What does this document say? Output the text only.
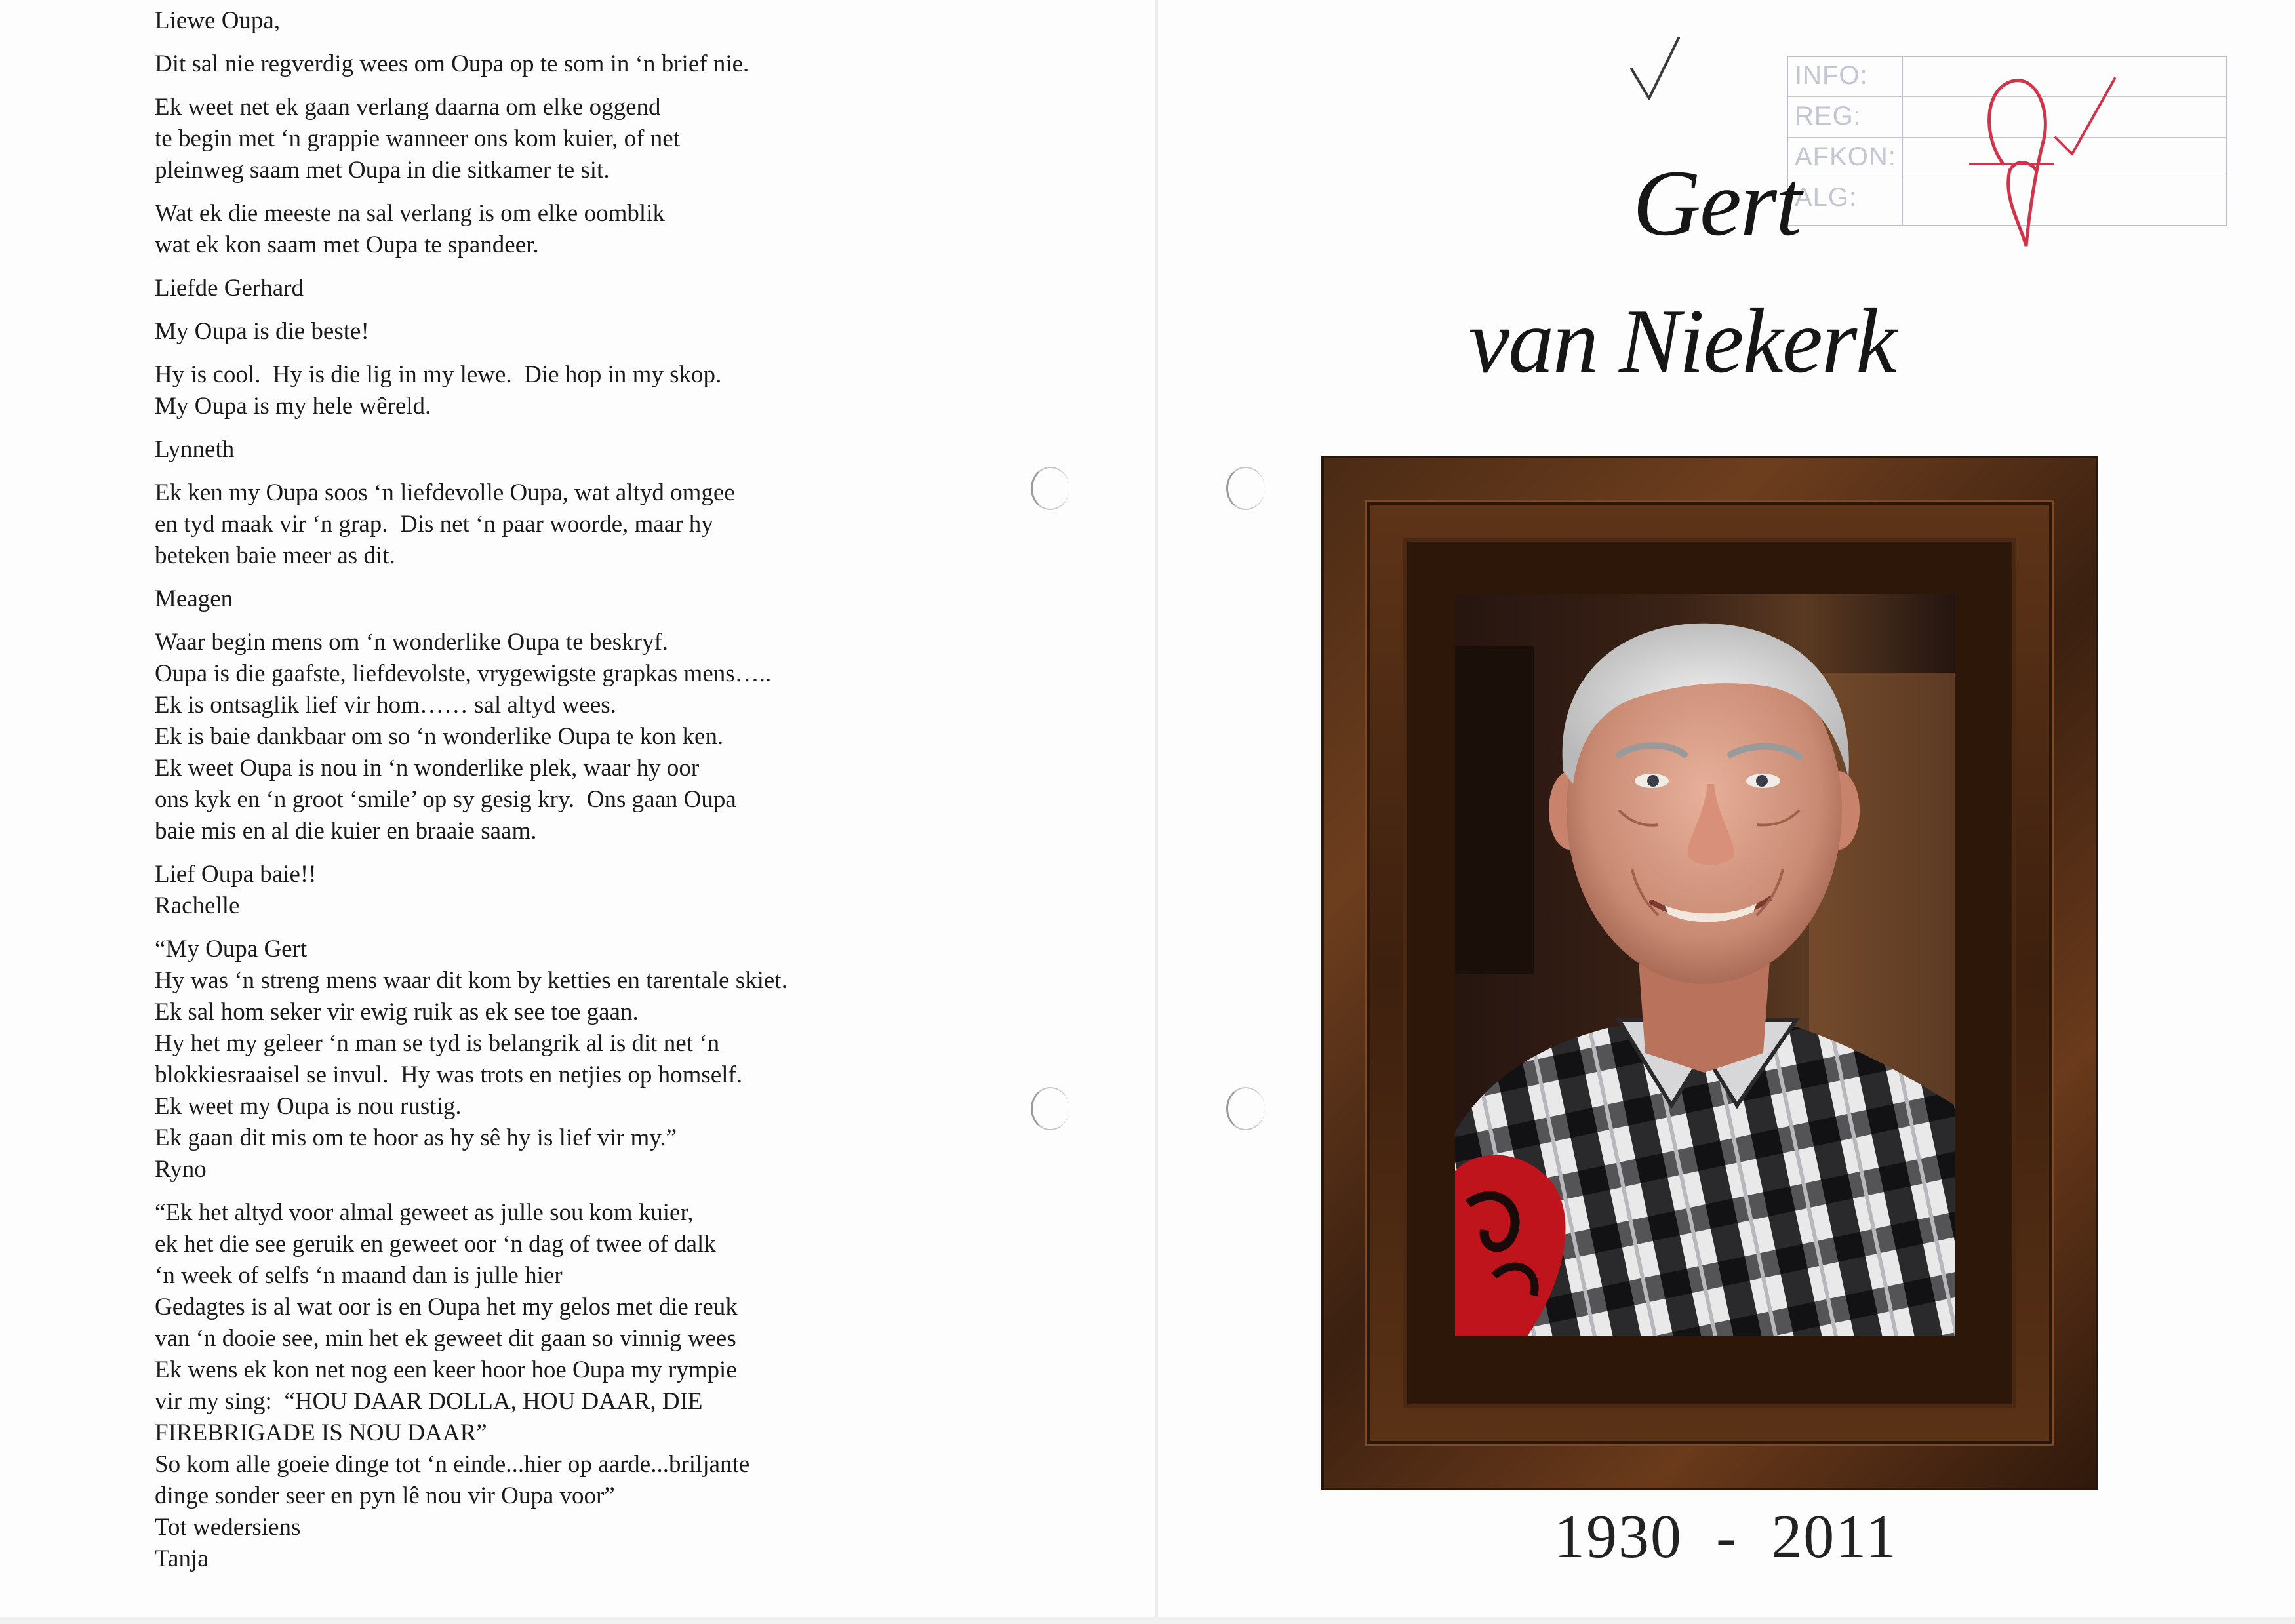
Liewe Oupa,

Dit sal nie regverdig wees om Oupa op te som in ‘n brief nie.

Ek weet net ek gaan verlang daarna om elke oggend
te begin met ‘n grappie wanneer ons kom kuier, of net
pleinweg saam met Oupa in die sitkamer te sit.

Wat ek die meeste na sal verlang is om elke oomblik
wat ek kon saam met Oupa te spandeer.

Liefde Gerhard

My Oupa is die beste!

Hy is cool.  Hy is die lig in my lewe.  Die hop in my skop.
My Oupa is my hele wêreld.

Lynneth

Ek ken my Oupa soos ‘n liefdevolle Oupa, wat altyd omgee
en tyd maak vir ‘n grap.  Dis net ‘n paar woorde, maar hy
beteken baie meer as dit.

Meagen

Waar begin mens om ‘n wonderlike Oupa te beskryf.
Oupa is die gaafste, liefdevolste, vrygewigste grapkas mens…..
Ek is ontsaglik lief vir hom…… sal altyd wees.
Ek is baie dankbaar om so ‘n wonderlike Oupa te kon ken.
Ek weet Oupa is nou in ‘n wonderlike plek, waar hy oor
ons kyk en ‘n groot ‘smile’ op sy gesig kry.  Ons gaan Oupa
baie mis en al die kuier en braaie saam.

Lief Oupa baie!!
Rachelle

“My Oupa Gert
Hy was ‘n streng mens waar dit kom by ketties en tarentale skiet.
Ek sal hom seker vir ewig ruik as ek see toe gaan.
Hy het my geleer ‘n man se tyd is belangrik al is dit net ‘n
blokkiesraaisel se invul.  Hy was trots en netjies op homself.
Ek weet my Oupa is nou rustig.
Ek gaan dit mis om te hoor as hy sê hy is lief vir my.”
Ryno

“Ek het altyd voor almal geweet as julle sou kom kuier,
ek het die see geruik en geweet oor ‘n dag of twee of dalk
‘n week of selfs ‘n maand dan is julle hier
Gedagtes is al wat oor is en Oupa het my gelos met die reuk
van ‘n dooie see, min het ek geweet dit gaan so vinnig wees
Ek wens ek kon net nog een keer hoor hoe Oupa my rympie
vir my sing:  “HOU DAAR DOLLA, HOU DAAR, DIE
FIREBRIGADE IS NOU DAAR”
So kom alle goeie dinge tot ‘n einde...hier op aarde...briljante
dinge sonder seer en pyn lê nou vir Oupa voor”
Tot wedersiens
Tanja

INFO:
REG:
AFKON:
ALG:
Gert
van Niekerk
1930  -  2011
